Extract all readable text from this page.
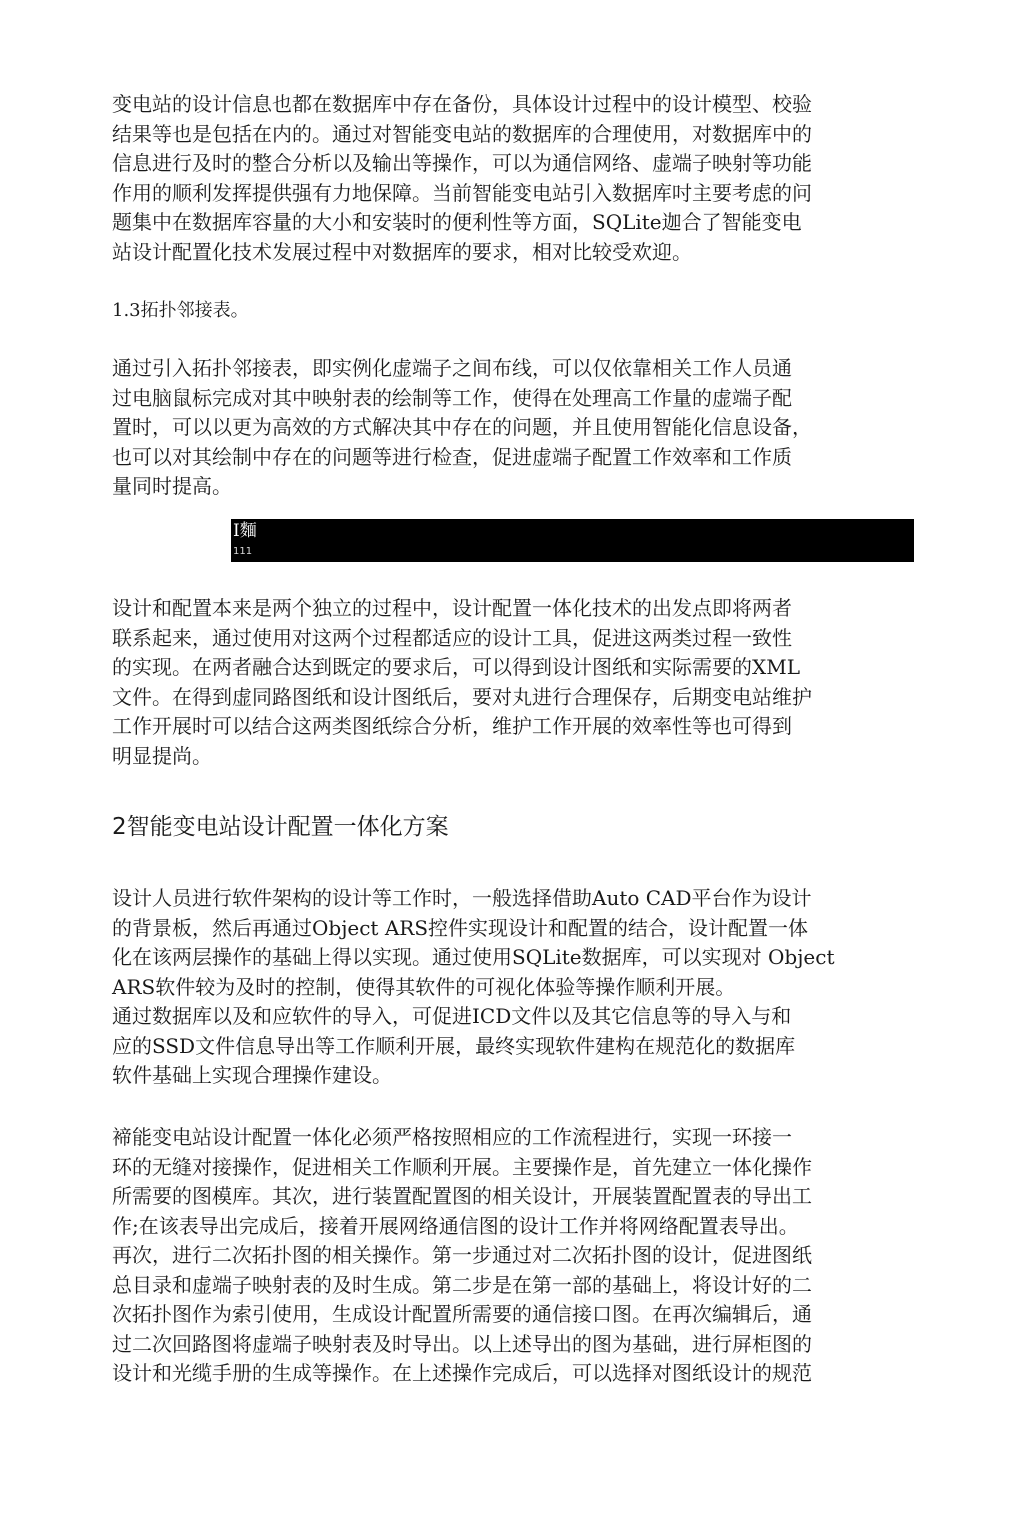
变电站的设计信息也都在数据库中存在备份，具体设计过程中的设计模型、校验
结果等也是包括在内的。通过对智能变电站的数据库的合理使用，对数据库中的
信息进行及时的整合分析以及输出等操作，可以为通信网络、虚端子映射等功能
作用的顺利发挥提供强有力地保障。当前智能变电站引入数据库吋主要考虑的问
题集中在数据库容量的大小和安装时的便利性等方面，SQLite迦合了智能变电
站设计配置化技术发展过程中对数据库的要求，相对比较受欢迎。

1.3拓扑邻接表。

通过引入拓扑邻接表，即实例化虚端子之间布线，可以仅依靠相关工作人员通
过电脑鼠标完成对其中映射表的绘制等工作，使得在处理高工作量的虚端子配
置时，可以以更为高效的方式解决其中存在的问题，并且使用智能化信息设备，
也可以对其绘制中存在的问题等进行检查，促进虚端子配置工作效率和工作质
量同时提高。
I麵
111
设计和配置本来是两个独立的过程中，设计配置一体化技术的出发点即将两者
联系起来，通过使用对这两个过程都适应的设计工具，促进这两类过程一致性
的实现。在两者融合达到既定的要求后，可以得到设计图纸和实际需要的XML
文件。在得到虚同路图纸和设计图纸后，要对丸进行合理保存，后期变电站维护
工作开展时可以结合这两类图纸综合分析，维护工作开展的效率性等也可得到
明显提尚。
2智能变电站设计配置一体化方案
设计人员进行软件架构的设计等工作时，一般选择借助Auto CAD平台作为设计
的背景板，然后再通过Object ARS控件实现设计和配置的结合，设计配置一体
化在该两层操作的基础上得以实现。通过使用SQLite数据库，可以实现对 Object
ARS软件较为及时的控制，使得其软件的可视化体验等操作顺利开展。
通过数据库以及和应软件的导入，可促进ICD文件以及其它信息等的导入与和
应的SSD文件信息导出等工作顺利开展，最终实现软件建构在规范化的数据库
软件基础上实现合理操作建设。
褅能变电站设计配置一体化必须严格按照相应的工作流程进行，实现一环接一
环的无缝对接操作，促进相关工作顺利开展。主要操作是，首先建立一体化操作
所需要的图模库。其次，进行装置配置图的相关设计，开展装置配置表的导出工
作;在该表导出完成后，接着开展网络通信图的设计工作并将网络配置表导出。
再次，进行二次拓扑图的相关操作。第一步通过对二次拓扑图的设计，促进图纸
总目录和虚端子映射表的及时生成。第二步是在第一部的基础上，将设计好的二
次拓扑图作为索引使用，生成设计配置所需要的通信接口图。在再次编辑后，通
过二次回路图将虚端子映射表及时导出。以上述导出的图为基础，进行屏柜图的
设计和光缆手册的生成等操作。在上述操作完成后，可以选择对图纸设计的规范
